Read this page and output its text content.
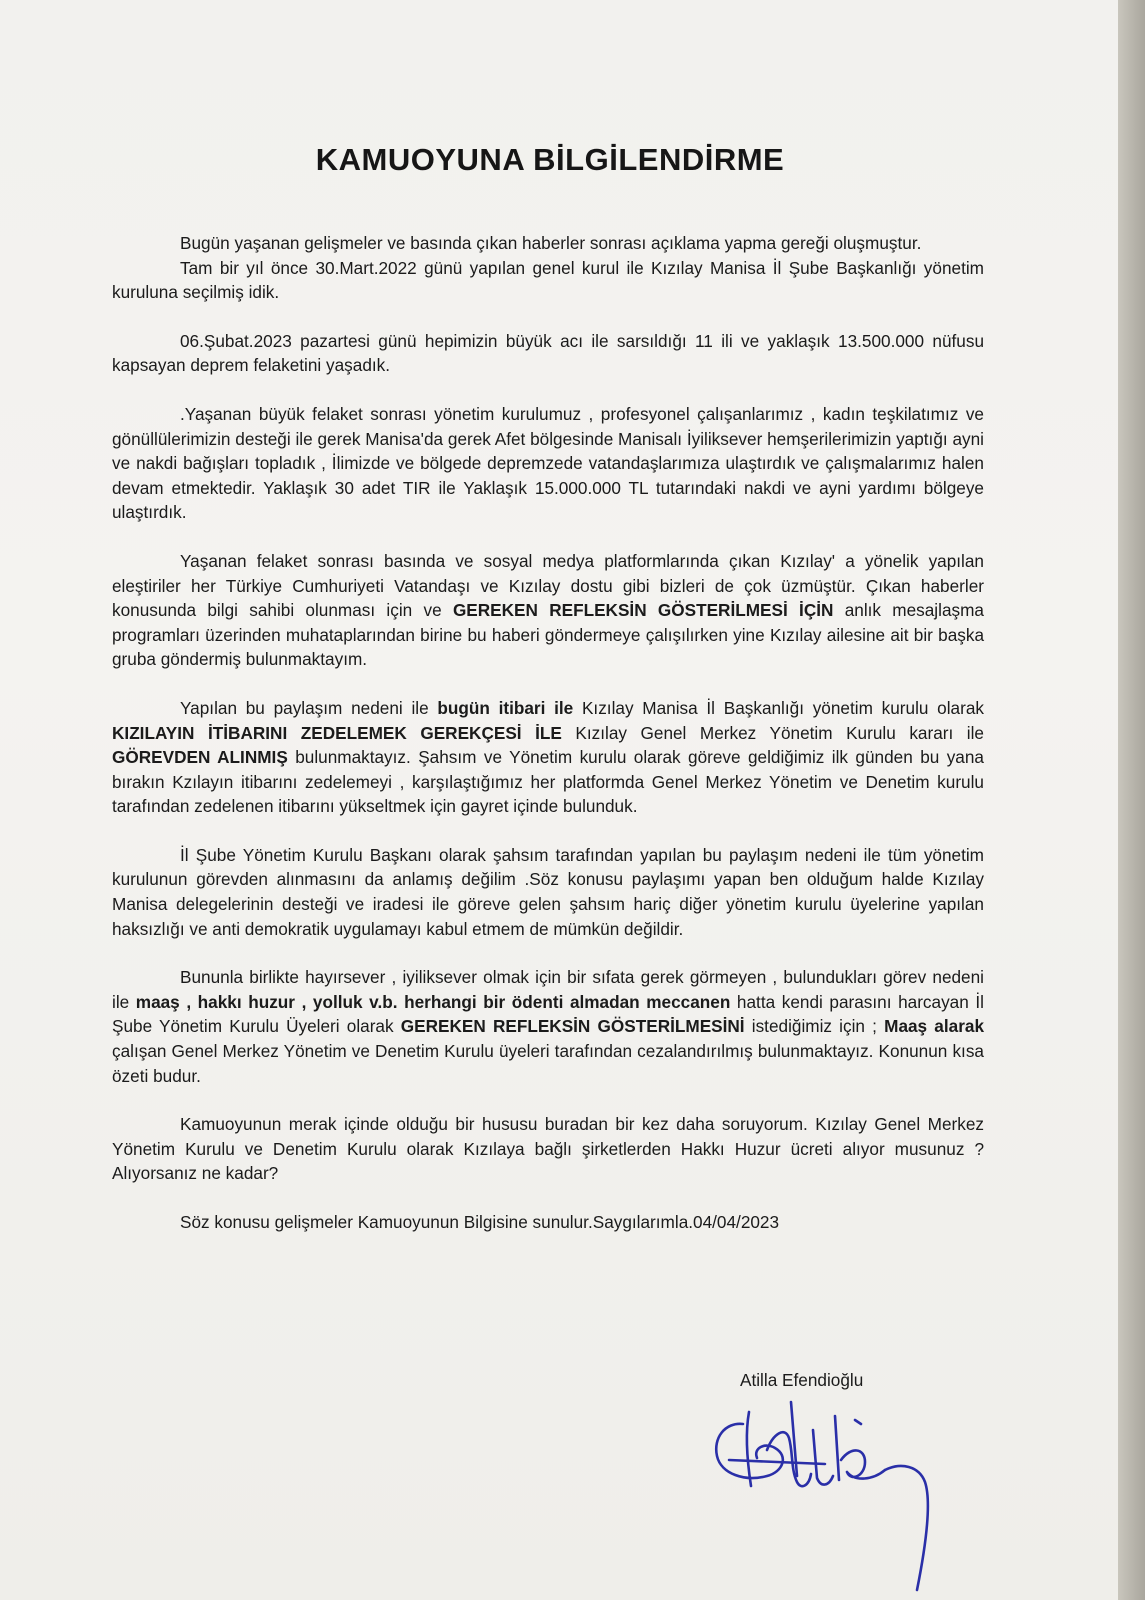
KAMUOYUNA BİLGİLENDİRME

Bugün yaşanan gelişmeler ve basında çıkan haberler sonrası açıklama yapma gereği oluşmuştur.

Tam bir yıl önce 30.Mart.2022 günü yapılan genel kurul ile Kızılay Manisa İl Şube Başkanlığı yönetim kuruluna seçilmiş idik.

06.Şubat.2023 pazartesi günü hepimizin büyük acı ile sarsıldığı 11 ili ve yaklaşık 13.500.000 nüfusu kapsayan deprem felaketini yaşadık.

.Yaşanan büyük felaket sonrası yönetim kurulumuz , profesyonel çalışanlarımız , kadın teşkilatımız ve gönüllülerimizin desteği ile gerek Manisa'da gerek Afet bölgesinde Manisalı İyiliksever hemşerilerimizin yaptığı ayni ve nakdi bağışları topladık , İlimizde ve bölgede depremzede vatandaşlarımıza ulaştırdık ve çalışmalarımız halen devam etmektedir. Yaklaşık 30 adet TIR ile Yaklaşık 15.000.000 TL tutarındaki nakdi ve ayni yardımı bölgeye ulaştırdık.

Yaşanan felaket sonrası basında ve sosyal medya platformlarında çıkan Kızılay' a yönelik yapılan eleştiriler her Türkiye Cumhuriyeti Vatandaşı ve Kızılay dostu gibi bizleri de çok üzmüştür. Çıkan haberler konusunda bilgi sahibi olunması için ve GEREKEN REFLEKSİN GÖSTERİLMESİ İÇİN anlık mesajlaşma programları üzerinden muhataplarından birine bu haberi göndermeye çalışılırken yine Kızılay ailesine ait bir başka gruba göndermiş bulunmaktayım.

Yapılan bu paylaşım nedeni ile bugün itibari ile Kızılay Manisa İl Başkanlığı yönetim kurulu olarak KIZILAYIN İTİBARINI ZEDELEMEK GEREKÇESİ İLE Kızılay Genel Merkez Yönetim Kurulu kararı ile GÖREVDEN ALINMIŞ bulunmaktayız. Şahsım ve Yönetim kurulu olarak göreve geldiğimiz ilk günden bu yana bırakın Kzılayın itibarını zedelemeyi , karşılaştığımız her platformda Genel Merkez Yönetim ve Denetim kurulu tarafından zedelenen itibarını yükseltmek için gayret içinde bulunduk.

İl Şube Yönetim Kurulu Başkanı olarak şahsım tarafından yapılan bu paylaşım nedeni ile tüm yönetim kurulunun görevden alınmasını da anlamış değilim .Söz konusu paylaşımı yapan ben olduğum halde Kızılay Manisa delegelerinin desteği ve iradesi ile göreve gelen şahsım hariç diğer yönetim kurulu üyelerine yapılan haksızlığı ve anti demokratik uygulamayı kabul etmem de mümkün değildir.

Bununla birlikte hayırsever , iyiliksever olmak için bir sıfata gerek görmeyen , bulundukları görev nedeni ile maaş , hakkı huzur , yolluk v.b. herhangi bir ödenti almadan meccanen hatta kendi parasını harcayan İl Şube Yönetim Kurulu Üyeleri olarak GEREKEN REFLEKSİN GÖSTERİLMESİNİ istediğimiz için ; Maaş alarak çalışan Genel Merkez Yönetim ve Denetim Kurulu üyeleri tarafından cezalandırılmış bulunmaktayız. Konunun kısa özeti budur.

Kamuoyunun merak içinde olduğu bir hususu buradan bir kez daha soruyorum. Kızılay Genel Merkez Yönetim Kurulu ve Denetim Kurulu olarak Kızılaya bağlı şirketlerden Hakkı Huzur ücreti alıyor musunuz ? Alıyorsanız ne kadar?

Söz konusu gelişmeler Kamuoyunun Bilgisine sunulur.Saygılarımla.04/04/2023

Atilla Efendioğlu
